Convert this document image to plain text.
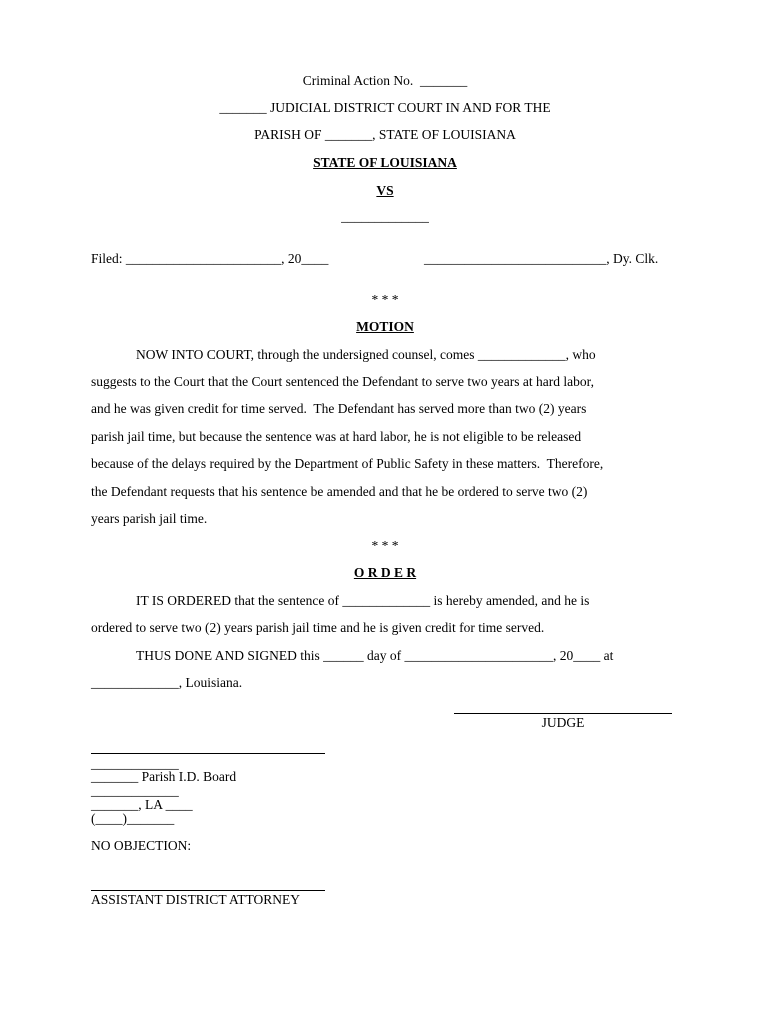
Criminal Action No.  _______
_______ JUDICIAL DISTRICT COURT IN AND FOR THE
PARISH OF _______, STATE OF LOUISIANA
STATE OF LOUISIANA
VS
_____________
Filed: _______________________, 20____	___________________________, Dy. Clk.
* * *
MOTION
NOW INTO COURT, through the undersigned counsel, comes _____________, who
suggests to the Court that the Court sentenced the Defendant to serve two years at hard labor,
and he was given credit for time served.  The Defendant has served more than two (2) years
parish jail time, but because the sentence was at hard labor, he is not eligible to be released
because of the delays required by the Department of Public Safety in these matters.  Therefore,
the Defendant requests that his sentence be amended and that he be ordered to serve two (2)
years parish jail time.
* * *
O R D E R
IT IS ORDERED that the sentence of _____________ is hereby amended, and he is
ordered to serve two (2) years parish jail time and he is given credit for time served.
THUS DONE AND SIGNED this ______ day of ______________________, 20____ at
_____________, Louisiana.
JUDGE
_____________
_______ Parish I.D. Board
_____________
_______, LA ____
(____)_______
NO OBJECTION:
ASSISTANT DISTRICT ATTORNEY
